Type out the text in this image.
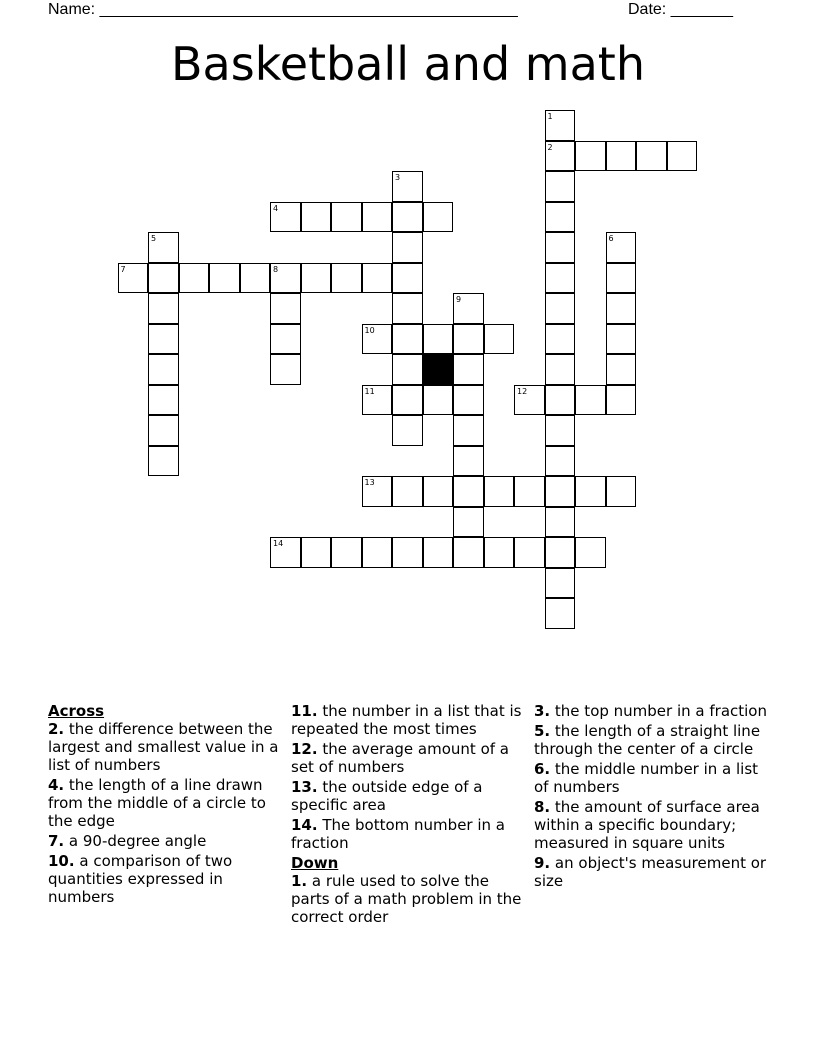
Name: _______________________________________________	Date: _______
Basketball and math
1
2
3
4
5	6
7	8
9
10
11	12
13
14
Across
2. the difference between the largest and smallest value in a list of numbers
4. the length of a line drawn from the middle of a circle to the edge
7. a 90-degree angle
10. a comparison of two quantities expressed in numbers
11. the number in a list that is repeated the most times
12. the average amount of a set of numbers
13. the outside edge of a specific area
14. The bottom number in a fraction
Down
1. a rule used to solve the parts of a math problem in the correct order
3. the top number in a fraction
5. the length of a straight line through the center of a circle
6. the middle number in a list of numbers
8. the amount of surface area within a specific boundary; measured in square units
9. an object's measurement or size
